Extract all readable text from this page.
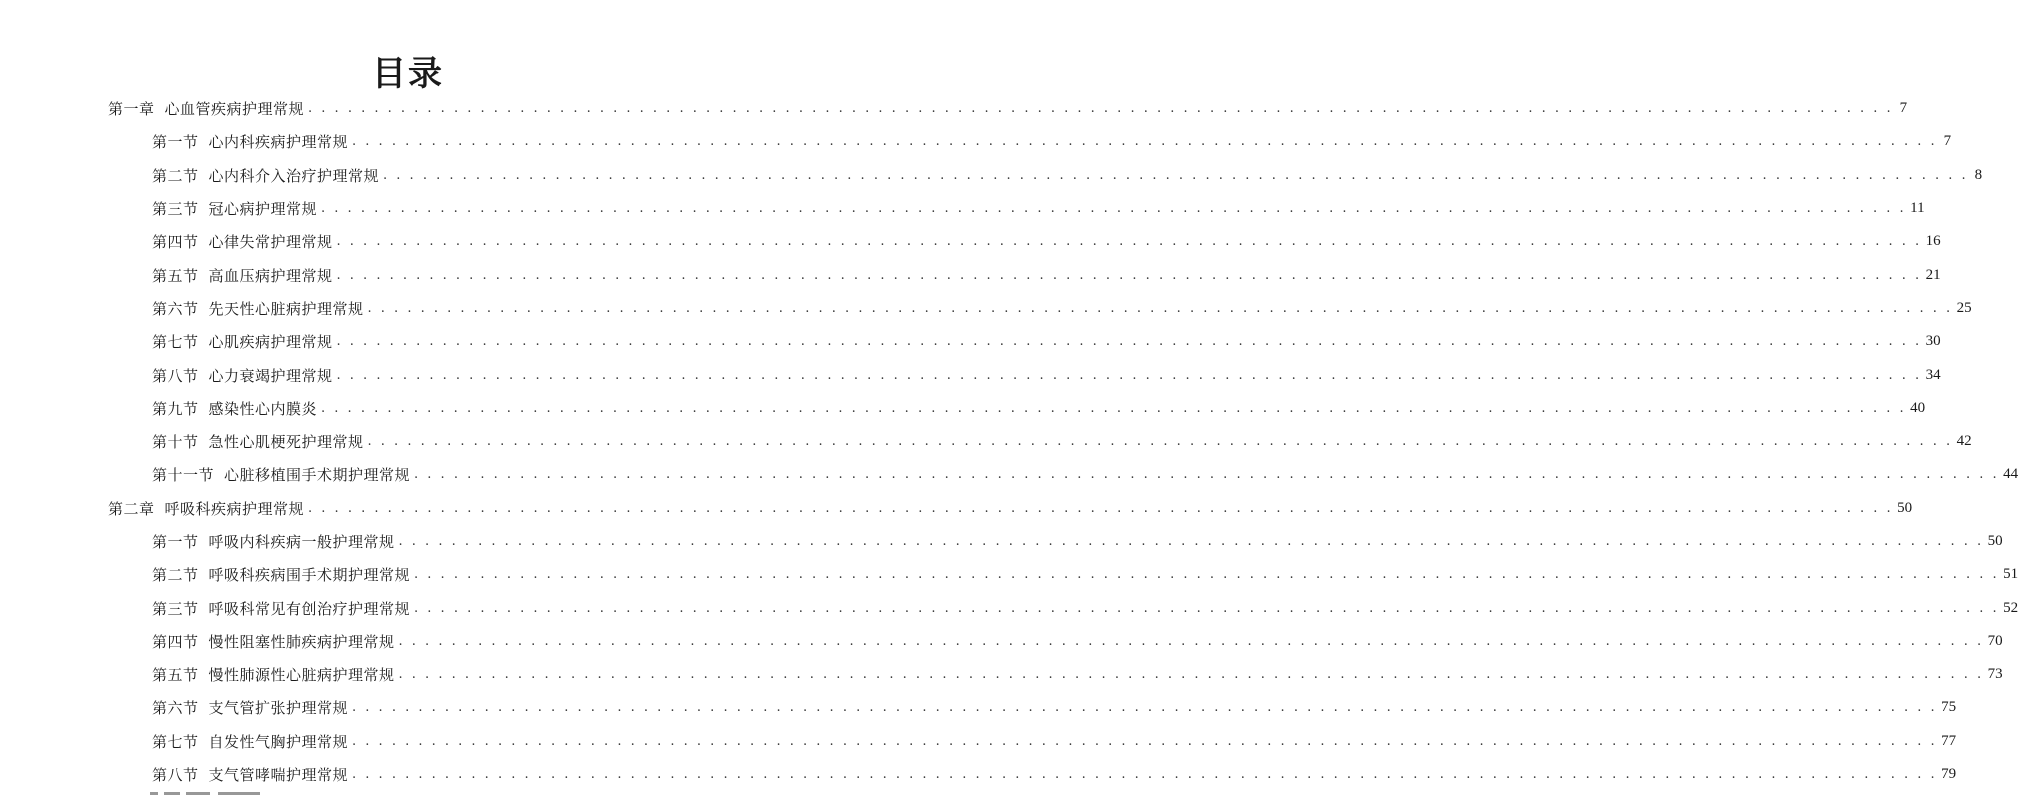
目录
第一章 心血管疾病护理常规 . . . . . . . . . . . . . . . . . . . . . . . . . . . . . . . . . . . . . . . . . . . . . . . . . . . . . . . . . . . . . . . . . . . . . . . . . . . . . . . . . . . . . . . . . . . . . . . . . . . . . . . . . . . . . . . . . . . . . . . . 7
第一节 心内科疾病护理常规 . . . . . . . . . . . . . . . . . . . . . . . . . . . . . . . . . . . . . . . . . . . . . . . . . . . . . . . . . . . . . . . . . . . . . . . . . . . . . . . . . . . . . . . . . . . . . . . . . . . . . . . . . . . . . . . . . . . . . . . . 7
第二节 心内科介入治疗护理常规 . . . . . . . . . . . . . . . . . . . . . . . . . . . . . . . . . . . . . . . . . . . . . . . . . . . . . . . . . . . . . . . . . . . . . . . . . . . . . . . . . . . . . . . . . . . . . . . . . . . . . . . . . . . . . . . . . . . . . . . . 8
第三节 冠心病护理常规 . . . . . . . . . . . . . . . . . . . . . . . . . . . . . . . . . . . . . . . . . . . . . . . . . . . . . . . . . . . . . . . . . . . . . . . . . . . . . . . . . . . . . . . . . . . . . . . . . . . . . . . . . . . . . . . . . . . . . . . . 11
第四节 心律失常护理常规 . . . . . . . . . . . . . . . . . . . . . . . . . . . . . . . . . . . . . . . . . . . . . . . . . . . . . . . . . . . . . . . . . . . . . . . . . . . . . . . . . . . . . . . . . . . . . . . . . . . . . . . . . . . . . . . . . . . . . . . . 16
第五节 高血压病护理常规 . . . . . . . . . . . . . . . . . . . . . . . . . . . . . . . . . . . . . . . . . . . . . . . . . . . . . . . . . . . . . . . . . . . . . . . . . . . . . . . . . . . . . . . . . . . . . . . . . . . . . . . . . . . . . . . . . . . . . . . . 21
第六节 先天性心脏病护理常规 . . . . . . . . . . . . . . . . . . . . . . . . . . . . . . . . . . . . . . . . . . . . . . . . . . . . . . . . . . . . . . . . . . . . . . . . . . . . . . . . . . . . . . . . . . . . . . . . . . . . . . . . . . . . . . . . . . . . . . . . 25
第七节 心肌疾病护理常规 . . . . . . . . . . . . . . . . . . . . . . . . . . . . . . . . . . . . . . . . . . . . . . . . . . . . . . . . . . . . . . . . . . . . . . . . . . . . . . . . . . . . . . . . . . . . . . . . . . . . . . . . . . . . . . . . . . . . . . . . 30
第八节 心力衰竭护理常规 . . . . . . . . . . . . . . . . . . . . . . . . . . . . . . . . . . . . . . . . . . . . . . . . . . . . . . . . . . . . . . . . . . . . . . . . . . . . . . . . . . . . . . . . . . . . . . . . . . . . . . . . . . . . . . . . . . . . . . . . 34
第九节 感染性心内膜炎 . . . . . . . . . . . . . . . . . . . . . . . . . . . . . . . . . . . . . . . . . . . . . . . . . . . . . . . . . . . . . . . . . . . . . . . . . . . . . . . . . . . . . . . . . . . . . . . . . . . . . . . . . . . . . . . . . . . . . . . . 40
第十节 急性心肌梗死护理常规 . . . . . . . . . . . . . . . . . . . . . . . . . . . . . . . . . . . . . . . . . . . . . . . . . . . . . . . . . . . . . . . . . . . . . . . . . . . . . . . . . . . . . . . . . . . . . . . . . . . . . . . . . . . . . . . . . . . . . . . . 42
第十一节 心脏移植围手术期护理常规 . . . . . . . . . . . . . . . . . . . . . . . . . . . . . . . . . . . . . . . . . . . . . . . . . . . . . . . . . . . . . . . . . . . . . . . . . . . . . . . . . . . . . . . . . . . . . . . . . . . . . . . . . . . . . . . . . . . . . . . . 44
第二章 呼吸科疾病护理常规 . . . . . . . . . . . . . . . . . . . . . . . . . . . . . . . . . . . . . . . . . . . . . . . . . . . . . . . . . . . . . . . . . . . . . . . . . . . . . . . . . . . . . . . . . . . . . . . . . . . . . . . . . . . . . . . . . . . . . . . . 50
第一节 呼吸内科疾病一般护理常规 . . . . . . . . . . . . . . . . . . . . . . . . . . . . . . . . . . . . . . . . . . . . . . . . . . . . . . . . . . . . . . . . . . . . . . . . . . . . . . . . . . . . . . . . . . . . . . . . . . . . . . . . . . . . . . . . . . . . . . . . 50
第二节 呼吸科疾病围手术期护理常规 . . . . . . . . . . . . . . . . . . . . . . . . . . . . . . . . . . . . . . . . . . . . . . . . . . . . . . . . . . . . . . . . . . . . . . . . . . . . . . . . . . . . . . . . . . . . . . . . . . . . . . . . . . . . . . . . . . . . . . . . 51
第三节 呼吸科常见有创治疗护理常规 . . . . . . . . . . . . . . . . . . . . . . . . . . . . . . . . . . . . . . . . . . . . . . . . . . . . . . . . . . . . . . . . . . . . . . . . . . . . . . . . . . . . . . . . . . . . . . . . . . . . . . . . . . . . . . . . . . . . . . . . 52
第四节 慢性阻塞性肺疾病护理常规 . . . . . . . . . . . . . . . . . . . . . . . . . . . . . . . . . . . . . . . . . . . . . . . . . . . . . . . . . . . . . . . . . . . . . . . . . . . . . . . . . . . . . . . . . . . . . . . . . . . . . . . . . . . . . . . . . . . . . . . . 70
第五节 慢性肺源性心脏病护理常规 . . . . . . . . . . . . . . . . . . . . . . . . . . . . . . . . . . . . . . . . . . . . . . . . . . . . . . . . . . . . . . . . . . . . . . . . . . . . . . . . . . . . . . . . . . . . . . . . . . . . . . . . . . . . . . . . . . . . . . . . 73
第六节 支气管扩张护理常规 . . . . . . . . . . . . . . . . . . . . . . . . . . . . . . . . . . . . . . . . . . . . . . . . . . . . . . . . . . . . . . . . . . . . . . . . . . . . . . . . . . . . . . . . . . . . . . . . . . . . . . . . . . . . . . . . . . . . . . . . 75
第七节 自发性气胸护理常规 . . . . . . . . . . . . . . . . . . . . . . . . . . . . . . . . . . . . . . . . . . . . . . . . . . . . . . . . . . . . . . . . . . . . . . . . . . . . . . . . . . . . . . . . . . . . . . . . . . . . . . . . . . . . . . . . . . . . . . . . 77
第八节 支气管哮喘护理常规 . . . . . . . . . . . . . . . . . . . . . . . . . . . . . . . . . . . . . . . . . . . . . . . . . . . . . . . . . . . . . . . . . . . . . . . . . . . . . . . . . . . . . . . . . . . . . . . . . . . . . . . . . . . . . . . . . . . . . . . . 79
